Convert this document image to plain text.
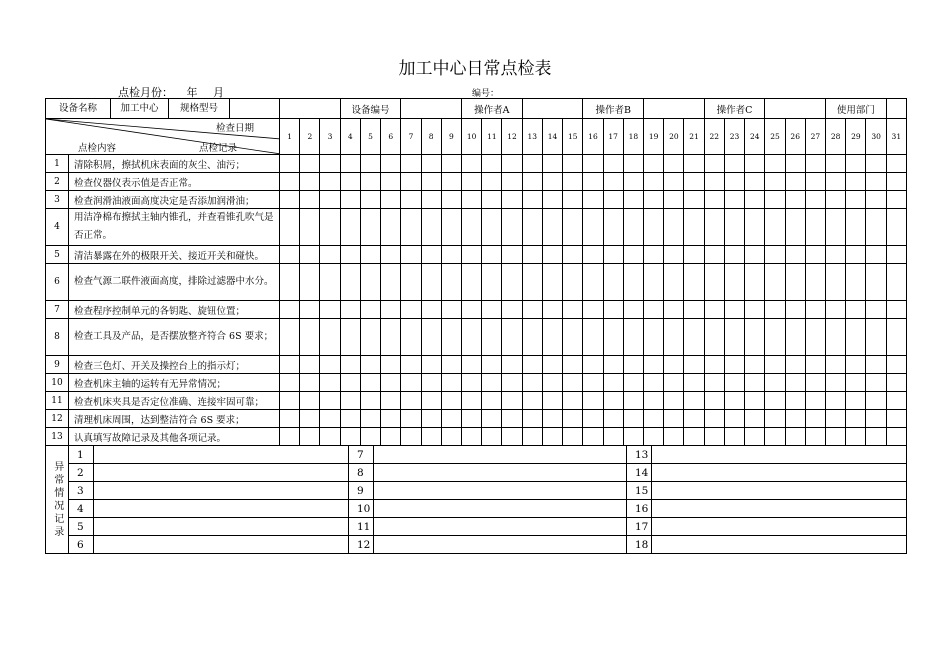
加工中心日常点检表
点检月份： 年 月	编号：
设备名称 加工中心 规格型号					设备编号						操作者A						操作者B						操作者C						使用部门			

检查日期
点检内容 点检记录		1	2	3	4	5	6	7	8	9	10	11	12	13	14	15	16	17	18	19	20	21	22	23	24	25	26	27	28	29	30	31
1	清除积屑，擦拭机床表面的灰尘、油污；																															
2	检查仪器仪表示值是否正常。																															
3	检查润滑油液面高度决定是否添加润滑油；																															
4	用洁净棉布擦拭主轴内锥孔，并查看锥孔吹气是否正常。																															
5	清洁暴露在外的极限开关、接近开关和碰快。																															
6	检查气源二联件液面高度，排除过滤器中水分。																															
7	检查程序控制单元的各钥匙、旋钮位置；																															
8	检查工具及产品，是否摆放整齐符合 6S 要求；																															
9	检查三色灯、开关及操控台上的指示灯；																															
10	检查机床主轴的运转有无异常情况；																															
11	检查机床夹具是否定位准确、连接牢固可靠；																															
12	清理机床周围，达到整洁符合 6S 要求；																															
13	认真填写故障记录及其他各项记录。																															
异常情况记录	1		7		13	
	2		8		14	
	3		9		15	
	4		10		16	
	5		11		17	
	6		12		18	
